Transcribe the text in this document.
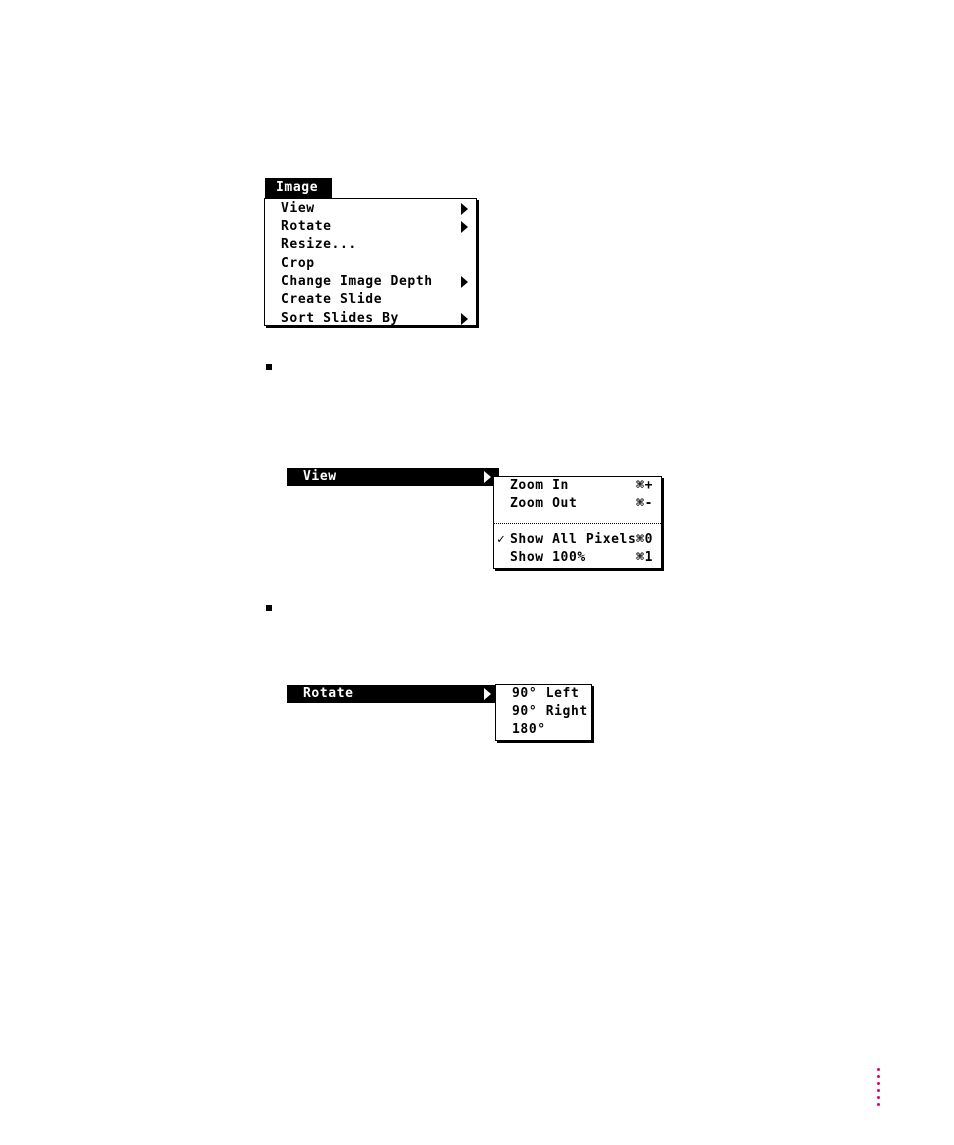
Image
View
Rotate
Resize...
Crop
Change Image Depth
Create Slide
Sort Slides By
View
Zoom In	⌘+
Zoom Out	⌘-
✓ Show All Pixels ⌘0
Show 100%	⌘1
Rotate	90° Left
90° Right
180°
